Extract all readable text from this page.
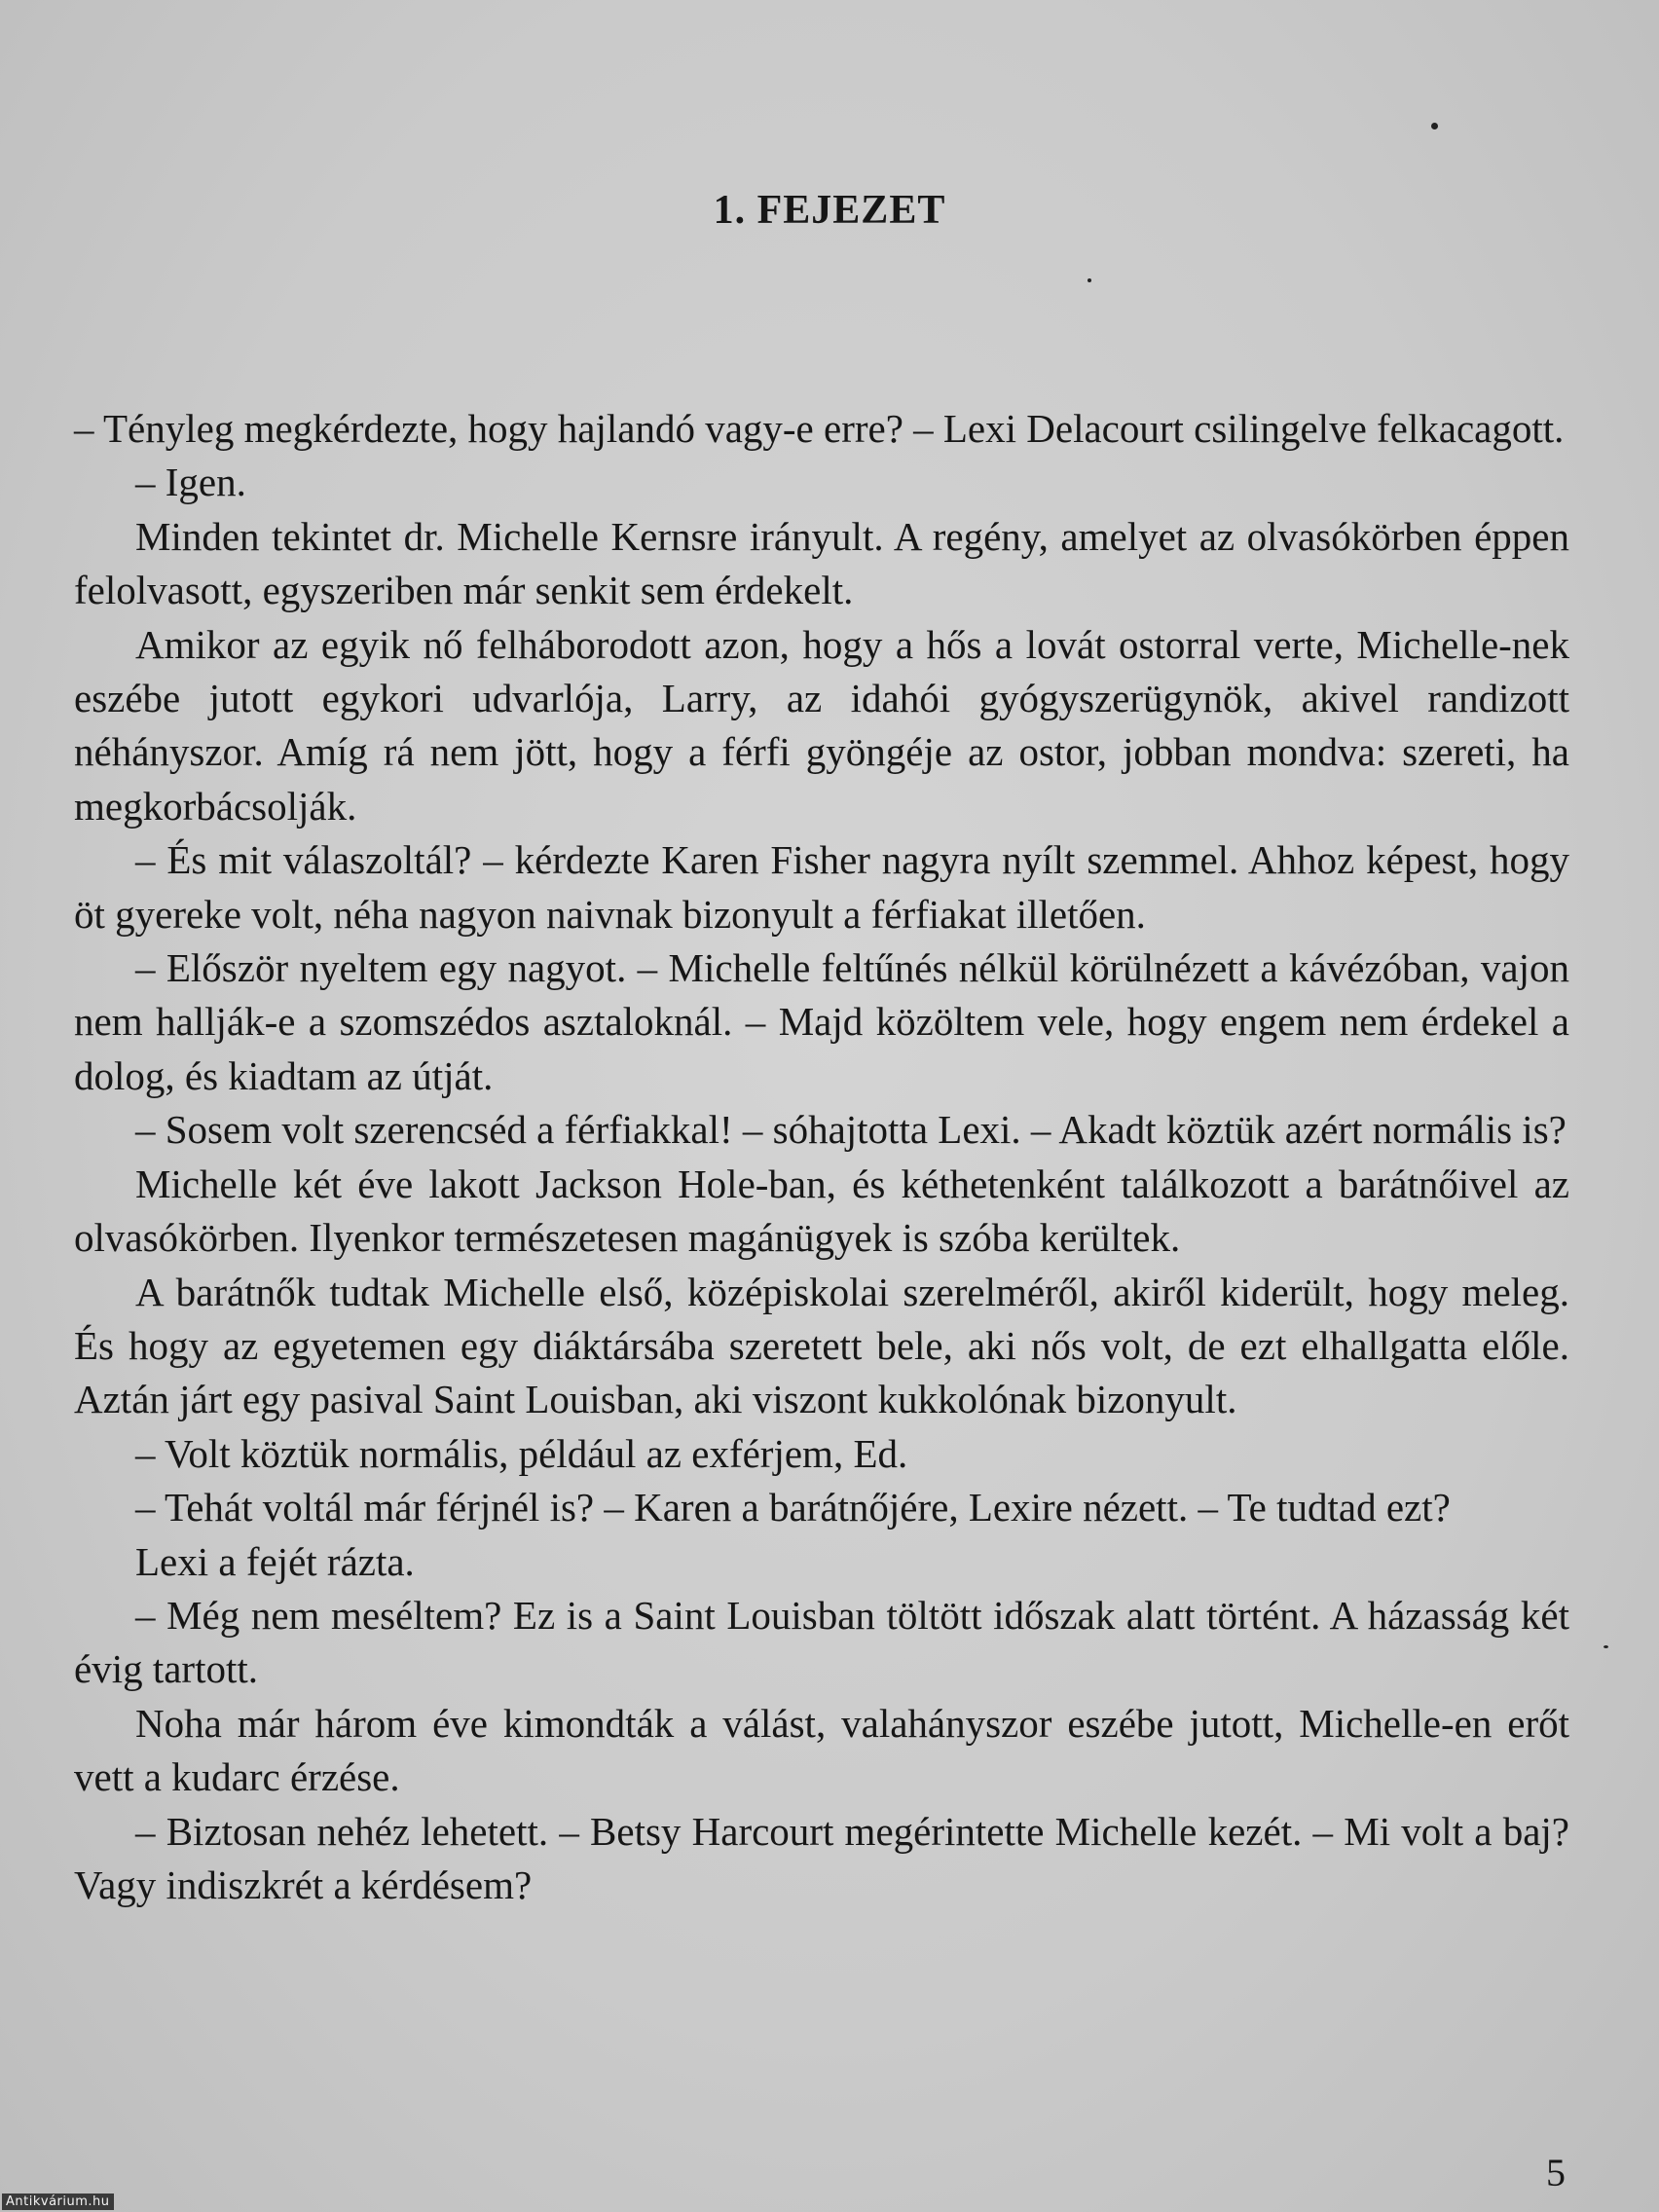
1. FEJEZET

– Tényleg megkérdezte, hogy hajlandó vagy-e erre? – Lexi Delacourt csilingelve felkacagott.

– Igen.

Minden tekintet dr. Michelle Kernsre irányult. A regény, amelyet az olvasókörben éppen felolvasott, egyszeriben már senkit sem érdekelt.

Amikor az egyik nő felháborodott azon, hogy a hős a lovát ostorral verte, Michelle-nek eszébe jutott egykori udvarlója, Larry, az idahói gyógyszerügynök, akivel randizott néhányszor. Amíg rá nem jött, hogy a férfi gyöngéje az ostor, jobban mondva: szereti, ha megkorbácsolják.

– És mit válaszoltál? – kérdezte Karen Fisher nagyra nyílt szemmel. Ahhoz képest, hogy öt gyereke volt, néha nagyon naivnak bizonyult a férfiakat illetően.

– Először nyeltem egy nagyot. – Michelle feltűnés nélkül körülnézett a kávézóban, vajon nem hallják-e a szomszédos asztaloknál. – Majd közöltem vele, hogy engem nem érdekel a dolog, és kiadtam az útját.

– Sosem volt szerencséd a férfiakkal! – sóhajtotta Lexi. – Akadt köztük azért normális is?

Michelle két éve lakott Jackson Hole-ban, és kéthetenként találkozott a barátnőivel az olvasókörben. Ilyenkor természetesen magánügyek is szóba kerültek.

A barátnők tudtak Michelle első, középiskolai szerelméről, akiről kiderült, hogy meleg. És hogy az egyetemen egy diáktársába szeretett bele, aki nős volt, de ezt elhallgatta előle. Aztán járt egy pasival Saint Louisban, aki viszont kukkolónak bizonyult.

– Volt köztük normális, például az exférjem, Ed.

– Tehát voltál már férjnél is? – Karen a barátnőjére, Lexire nézett. – Te tudtad ezt?

Lexi a fejét rázta.

– Még nem meséltem? Ez is a Saint Louisban töltött időszak alatt történt. A házasság két évig tartott.

Noha már három éve kimondták a válást, valahányszor eszébe jutott, Michelle-en erőt vett a kudarc érzése.

– Biztosan nehéz lehetett. – Betsy Harcourt megérintette Michelle kezét. – Mi volt a baj? Vagy indiszkrét a kérdésem?

5
Antikvárium.hu
